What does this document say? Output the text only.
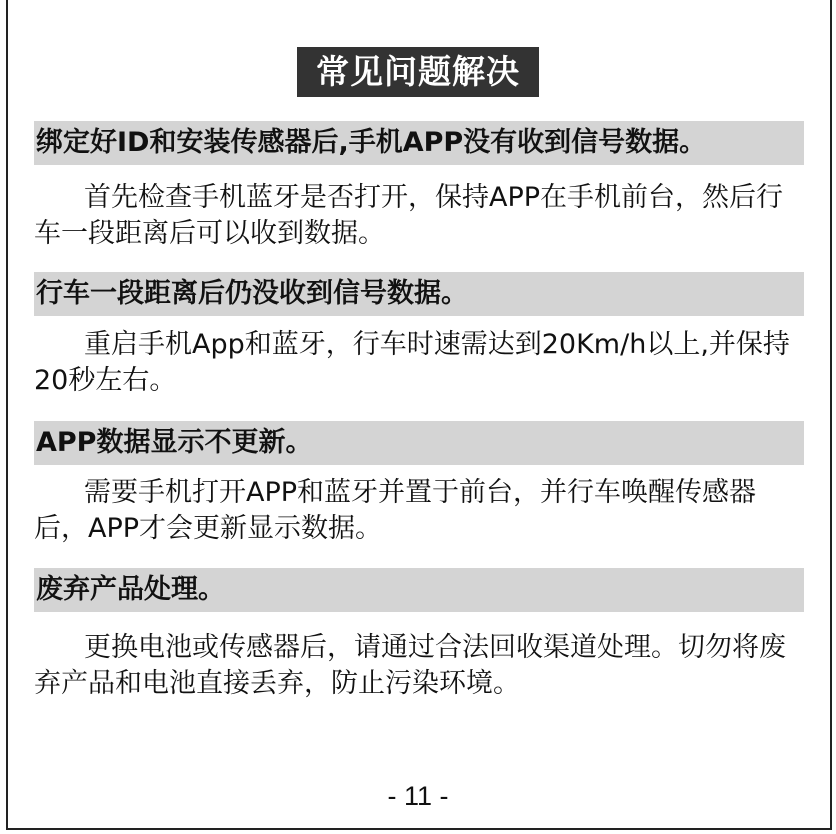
常见问题解决
绑定好ID和安装传感器后,手机APP没有收到信号数据。

首先检查手机蓝牙是否打开，保持APP在手机前台，然后行车一段距离后可以收到数据。

行车一段距离后仍没收到信号数据。

重启手机App和蓝牙，行车时速需达到20Km/h以上,并保持20秒左右。

APP数据显示不更新。

需要手机打开APP和蓝牙并置于前台，并行车唤醒传感器后，APP才会更新显示数据。

废弃产品处理。

更换电池或传感器后，请通过合法回收渠道处理。切勿将废弃产品和电池直接丢弃，防止污染环境。

- 11 -
